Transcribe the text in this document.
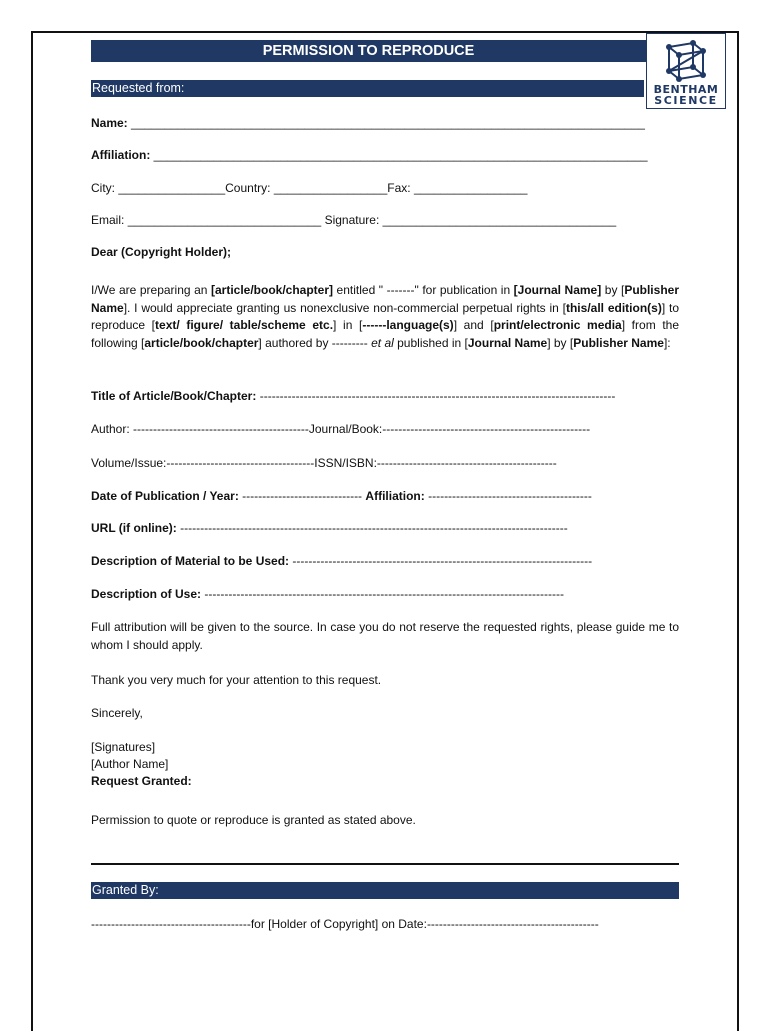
PERMISSION TO REPRODUCE
BENTHAM
SCIENCE
Requested from:
Name: _____________________________________________________________________________
Affiliation: __________________________________________________________________________
City: ________________Country: _________________Fax: _________________
Email: _____________________________ Signature: ___________________________________
Dear (Copyright Holder);
I/We are preparing an [article/book/chapter] entitled " -------" for publication in [Journal Name] by [Publisher Name]. I would appreciate granting us nonexclusive non-commercial perpetual rights in [this/all edition(s)] to reproduce [text/ figure/ table/scheme etc.] in [------language(s)] and [print/electronic media] from the following [article/book/chapter] authored by --------- et al published in [Journal Name] by [Publisher Name]:
Title of Article/Book/Chapter: -----------------------------------------------------------------------------------------
Author: --------------------------------------------Journal/Book:----------------------------------------------------
Volume/Issue:-------------------------------------ISSN/ISBN:---------------------------------------------
Date of Publication / Year: ------------------------------ Affiliation: -----------------------------------------
URL (if online): -------------------------------------------------------------------------------------------------
Description of Material to be Used: ---------------------------------------------------------------------------
Description of Use: ------------------------------------------------------------------------------------------
Full attribution will be given to the source. In case you do not reserve the requested rights, please guide me to whom I should apply.
Thank you very much for your attention to this request.
Sincerely,
[Signatures]
[Author Name]
Request Granted:
Permission to quote or reproduce is granted as stated above.
Granted By:
----------------------------------------for [Holder of Copyright] on Date:-------------------------------------------
